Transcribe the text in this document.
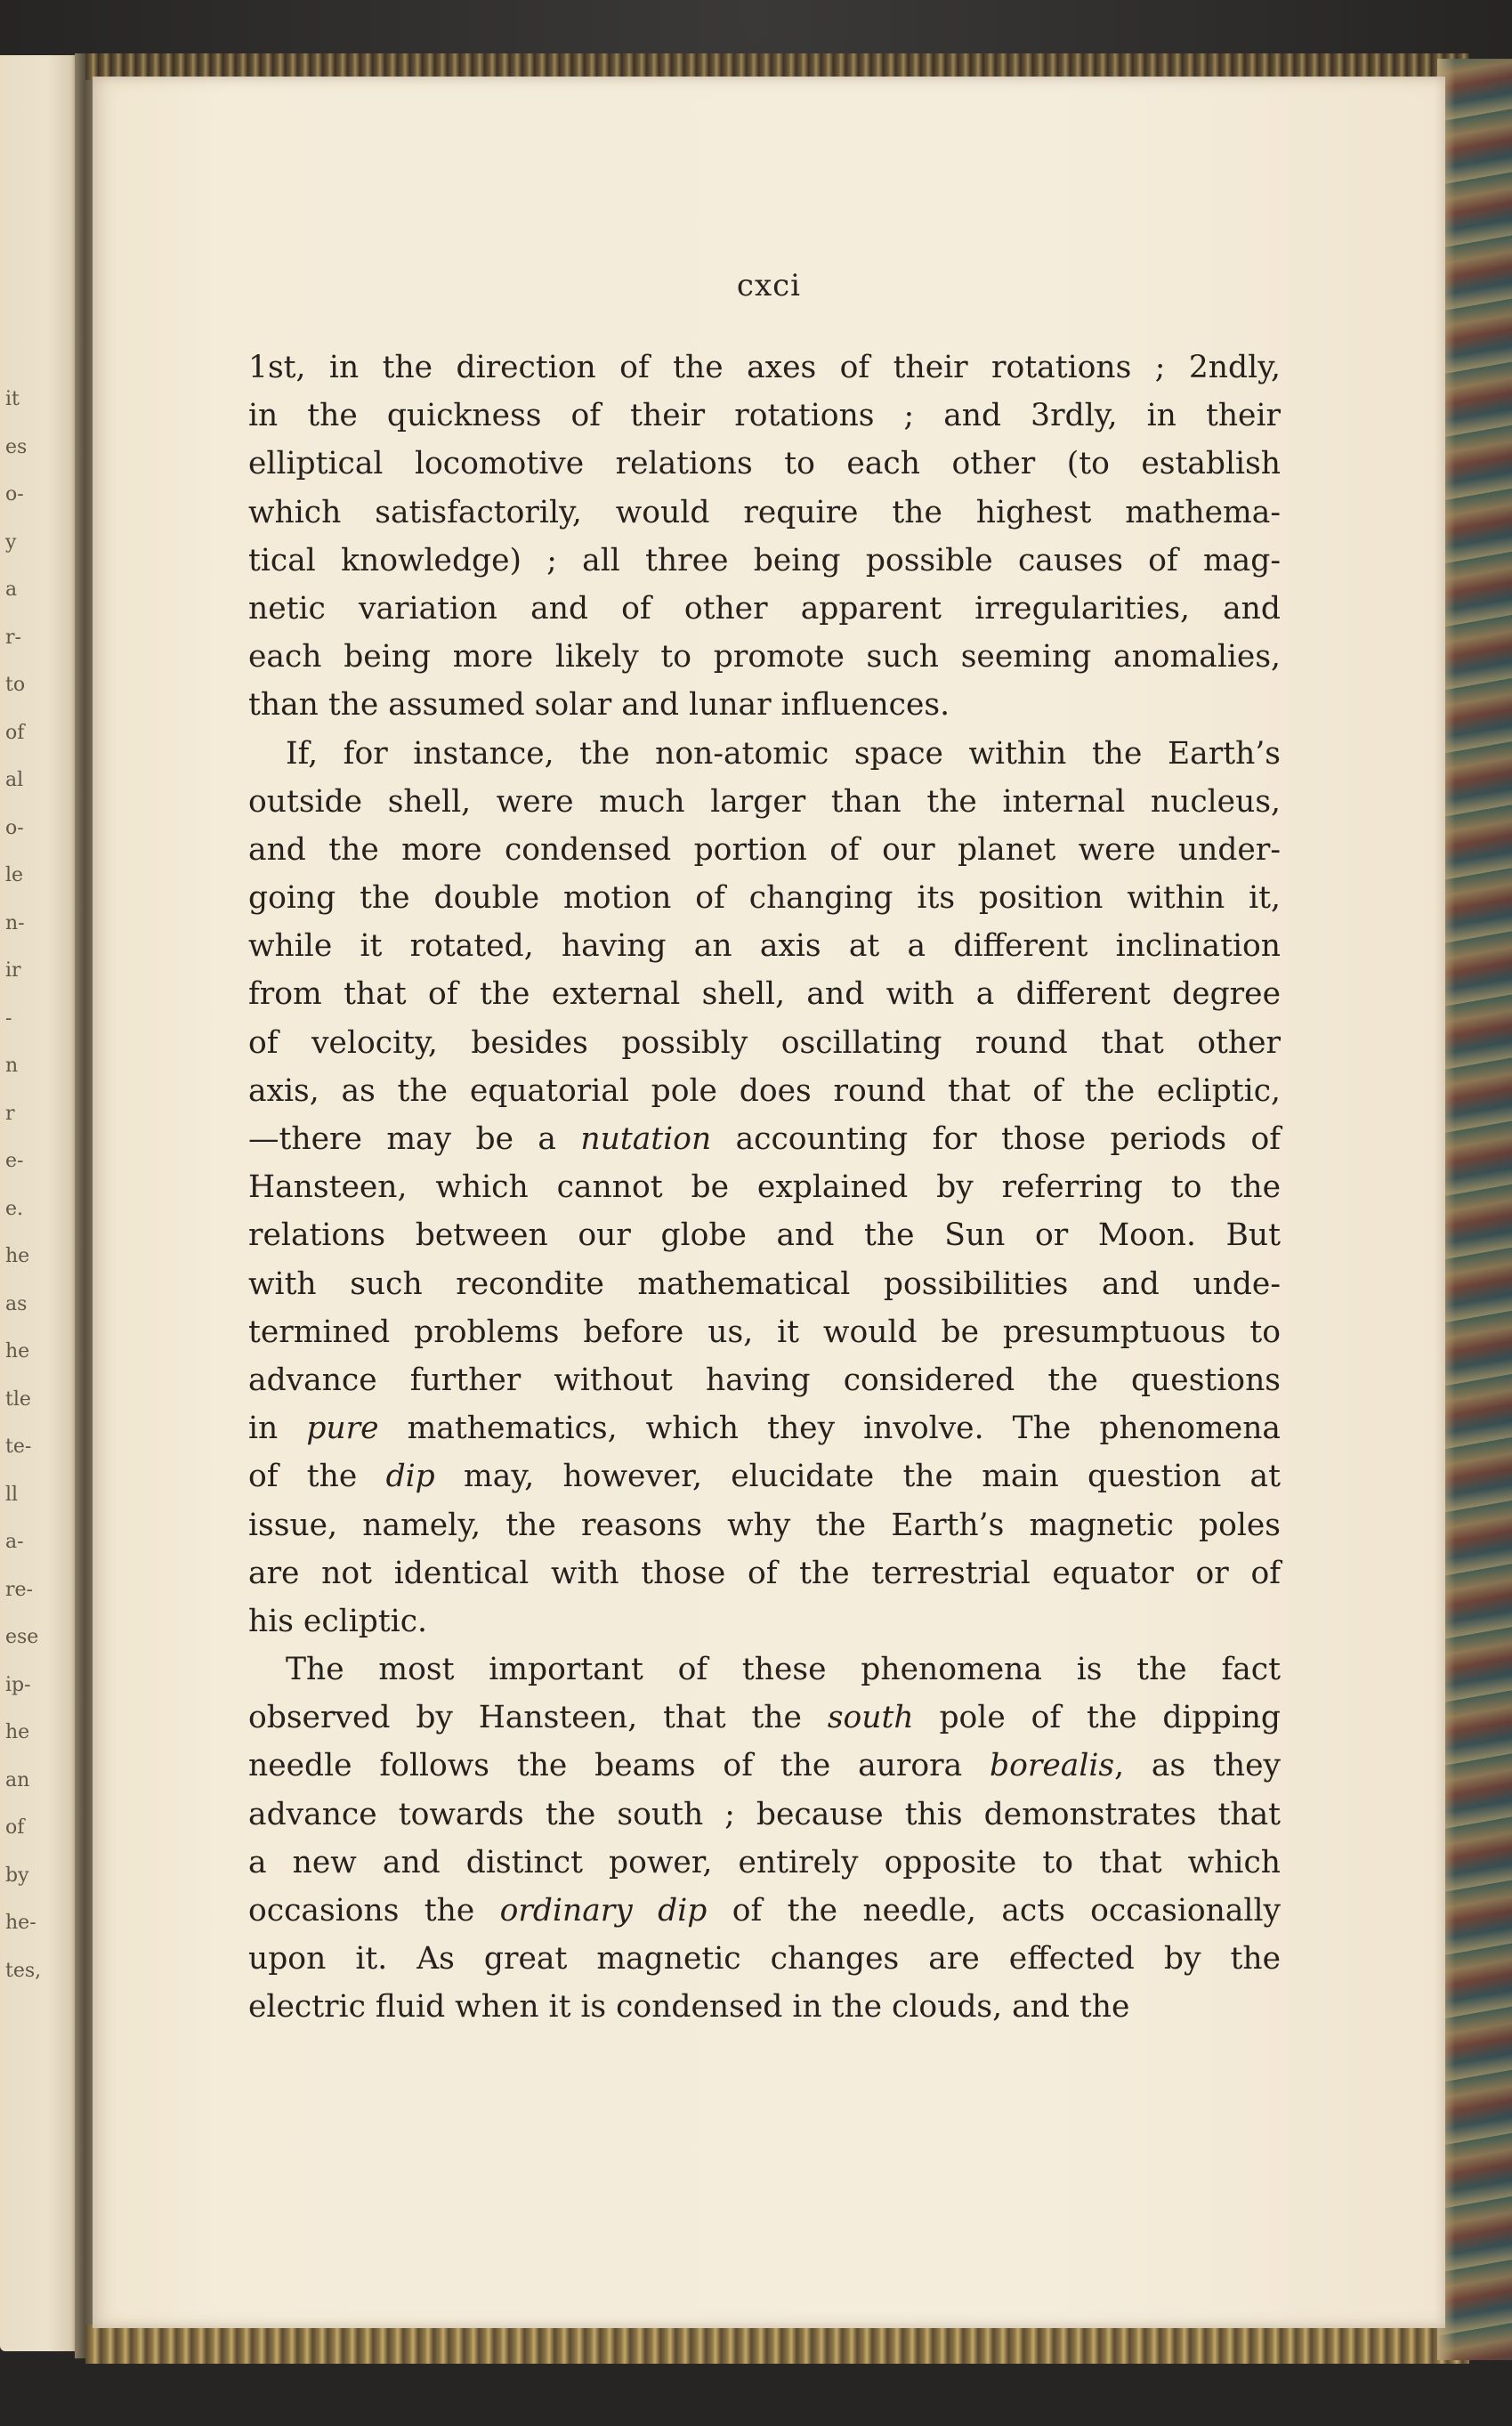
it
es
o-
y
a
r-
to
of
al
o-
le
n-
ir
-
n
r
e-
e.
he
as
he
tle
te-
ll
a-
re-
ese
ip-
he
an
of
by
he-
tes,
cxci
1st, in the direction of the axes of their rotations ; 2ndly,
in the quickness of their rotations ; and 3rdly, in their
elliptical locomotive relations to each other (to establish
which satisfactorily, would require the highest mathema-
tical knowledge) ; all three being possible causes of mag-
netic variation and of other apparent irregularities, and
each being more likely to promote such seeming anomalies,
than the assumed solar and lunar influences.
If, for instance, the non-atomic space within the Earth’s
outside shell, were much larger than the internal nucleus,
and the more condensed portion of our planet were under-
going the double motion of changing its position within it,
while it rotated, having an axis at a different inclination
from that of the external shell, and with a different degree
of velocity, besides possibly oscillating round that other
axis, as the equatorial pole does round that of the ecliptic,
—there may be a nutation accounting for those periods of
Hansteen, which cannot be explained by referring to the
relations between our globe and the Sun or Moon. But
with such recondite mathematical possibilities and unde-
termined problems before us, it would be presumptuous to
advance further without having considered the questions
in pure mathematics, which they involve. The phenomena
of the dip may, however, elucidate the main question at
issue, namely, the reasons why the Earth’s magnetic poles
are not identical with those of the terrestrial equator or of
his ecliptic.
The most important of these phenomena is the fact
observed by Hansteen, that the south pole of the dipping
needle follows the beams of the aurora borealis, as they
advance towards the south ; because this demonstrates that
a new and distinct power, entirely opposite to that which
occasions the ordinary dip of the needle, acts occasionally
upon it. As great magnetic changes are effected by the
electric fluid when it is condensed in the clouds, and the
